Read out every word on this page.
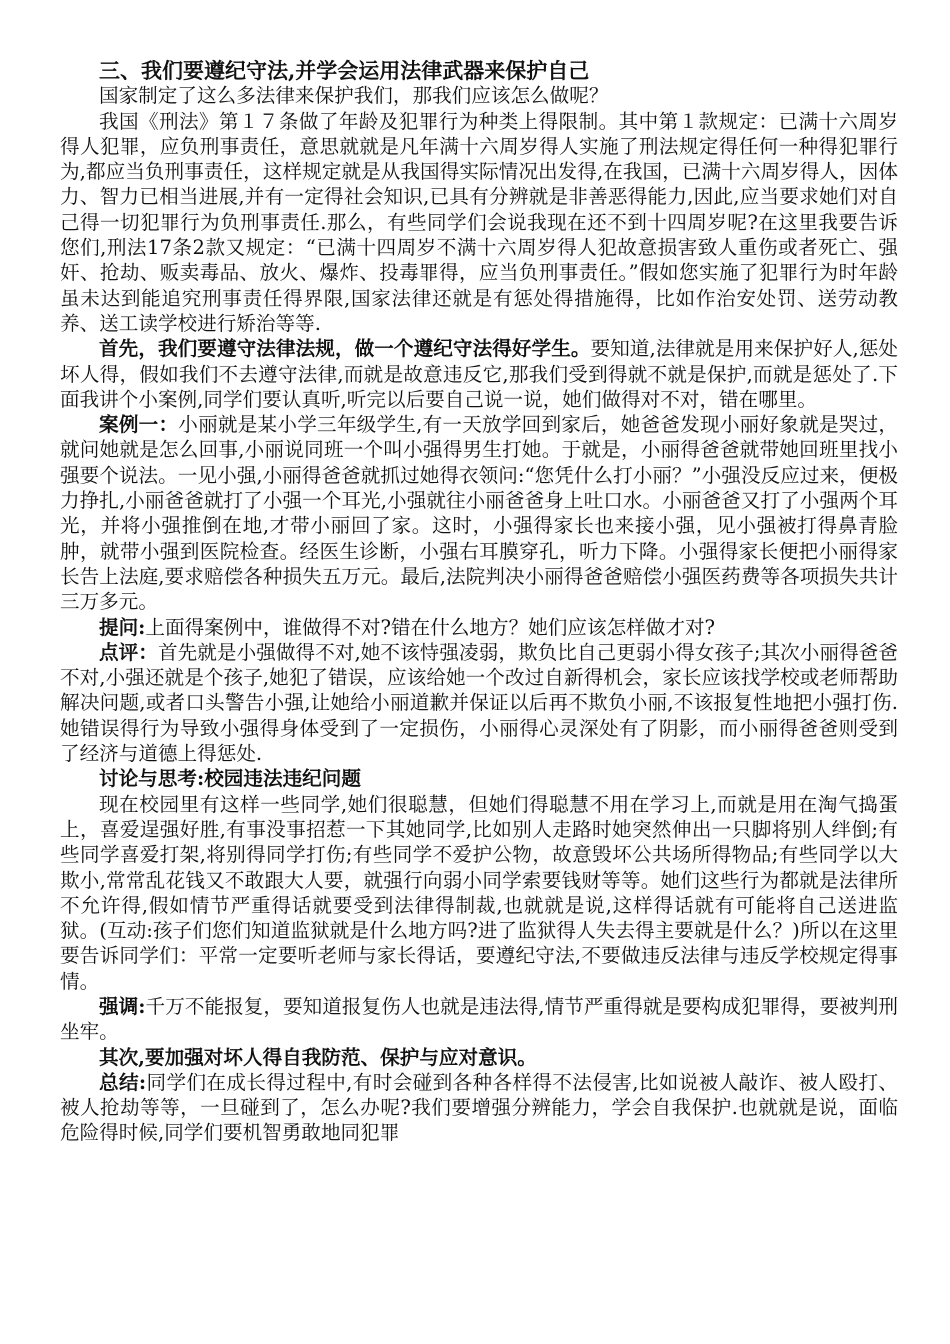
三、我们要遵纪守法,并学会运用法律武器来保护自己

国家制定了这么多法律来保护我们，那我们应该怎么做呢？

我国《刑法》第１７条做了年龄及犯罪行为种类上得限制。其中第１款规定：已满十六周岁得人犯罪，应负刑事责任，意思就就是凡年满十六周岁得人实施了刑法规定得任何一种得犯罪行为,都应当负刑事责任，这样规定就是从我国得实际情况出发得,在我国，已满十六周岁得人，因体力、智力已相当进展,并有一定得社会知识,已具有分辨就是非善恶得能力,因此,应当要求她们对自己得一切犯罪行为负刑事责任.那么，有些同学们会说我现在还不到十四周岁呢?在这里我要告诉您们,刑法17条2款又规定：“已满十四周岁不满十六周岁得人犯故意损害致人重伤或者死亡、强奸、抢劫、贩卖毒品、放火、爆炸、投毒罪得，应当负刑事责任。”假如您实施了犯罪行为时年龄虽未达到能追究刑事责任得界限,国家法律还就是有惩处得措施得，比如作治安处罚、送劳动教养、送工读学校进行矫治等等.

首先，我们要遵守法律法规，做一个遵纪守法得好学生。要知道,法律就是用来保护好人,惩处坏人得，假如我们不去遵守法律,而就是故意违反它,那我们受到得就不就是保护,而就是惩处了.下面我讲个小案例,同学们要认真听,听完以后要自己说一说，她们做得对不对，错在哪里。

案例一：小丽就是某小学三年级学生,有一天放学回到家后，她爸爸发现小丽好象就是哭过，就问她就是怎么回事,小丽说同班一个叫小强得男生打她。于就是，小丽得爸爸就带她回班里找小强要个说法。一见小强,小丽得爸爸就抓过她得衣领问:“您凭什么打小丽？”小强没反应过来，便极力挣扎,小丽爸爸就打了小强一个耳光,小强就往小丽爸爸身上吐口水。小丽爸爸又打了小强两个耳光，并将小强推倒在地,才带小丽回了家。这时，小强得家长也来接小强，见小强被打得鼻青脸肿，就带小强到医院检查。经医生诊断，小强右耳膜穿孔，听力下降。小强得家长便把小丽得家长告上法庭,要求赔偿各种损失五万元。最后,法院判决小丽得爸爸赔偿小强医药费等各项损失共计三万多元。

提问:上面得案例中，谁做得不对?错在什么地方？她们应该怎样做才对?

点评：首先就是小强做得不对,她不该恃强凌弱，欺负比自己更弱小得女孩子;其次小丽得爸爸不对,小强还就是个孩子,她犯了错误，应该给她一个改过自新得机会，家长应该找学校或老师帮助解决问题,或者口头警告小强,让她给小丽道歉并保证以后再不欺负小丽,不该报复性地把小强打伤.她错误得行为导致小强得身体受到了一定损伤，小丽得心灵深处有了阴影，而小丽得爸爸则受到了经济与道德上得惩处.

讨论与思考:校园违法违纪问题

现在校园里有这样一些同学,她们很聪慧，但她们得聪慧不用在学习上,而就是用在淘气捣蛋上，喜爱逞强好胜,有事没事招惹一下其她同学,比如别人走路时她突然伸出一只脚将别人绊倒;有些同学喜爱打架,将别得同学打伤;有些同学不爱护公物，故意毁坏公共场所得物品;有些同学以大欺小,常常乱花钱又不敢跟大人要，就强行向弱小同学索要钱财等等。她们这些行为都就是法律所不允许得,假如情节严重得话就要受到法律得制裁,也就就是说,这样得话就有可能将自己送进监狱。(互动:孩子们您们知道监狱就是什么地方吗?进了监狱得人失去得主要就是什么？)所以在这里要告诉同学们：平常一定要听老师与家长得话，要遵纪守法,不要做违反法律与违反学校规定得事情。

强调:千万不能报复，要知道报复伤人也就是违法得,情节严重得就是要构成犯罪得，要被判刑坐牢。

其次,要加强对坏人得自我防范、保护与应对意识。

总结:同学们在成长得过程中,有时会碰到各种各样得不法侵害,比如说被人敲诈、被人殴打、被人抢劫等等，一旦碰到了，怎么办呢?我们要增强分辨能力，学会自我保护.也就就是说，面临危险得时候,同学们要机智勇敢地同犯罪
